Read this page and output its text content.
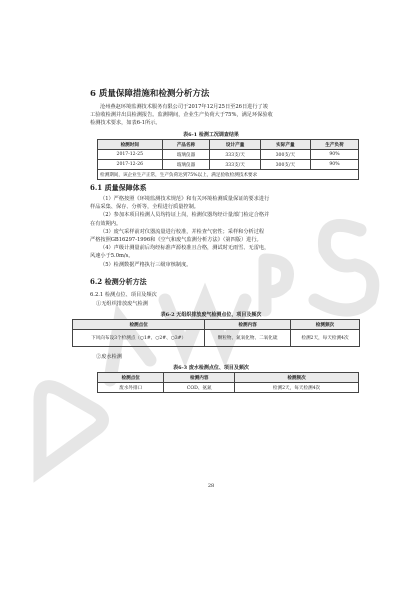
6 质量保障措施和检测分析方法
沧州燕赵环境监测技术服务有限公司于2017年12月25日至26日进行了竣
工验收检测并出具检测报告。监测期间，企业生产负荷大于75%，满足环保验收
检测技术要求，如表6-1所示。
表6-1 检测工况调查结果
检测时间	产品名称	设计产量	实际产量	生产负荷
2017-12-25	玻璃仪器	333支/天	300支/天	90%
2017-12-26	玻璃仪器	333支/天	300支/天	90%
检测期间，该企业生产正常，生产负荷达到75%以上，满足验收检测技术要求				
6.1 质量保障体系
（1）严格按照《环境监测技术规范》和有关环境检测质量保证的要求进行
样品采集、保存、分析等，全程进行质量控制。
（2）参加本项目检测人员均持证上岗，检测仪器均经计量部门检定合格并
在有效期内。
（3）废气采样前对仪器流量进行校准，并检查气密性；采样和分析过程
严格按照GB16297-1996和《空气和废气监测分析方法》（第四版）进行。
（4）声级计测量前后均经标准声源校准且合格，测试时无雨雪、无雷电，
风速小于5.0m/s。
（5）检测数据严格执行三级审核制度。
6.2 检测分析方法
6.2.1 检测点位、项目及频次
①无组织排放废气检测
表6-2 无组织排放废气检测点位、项目及频次
检测点位	检测内容	检测频次
下风向布设3个检测点（○1#、○2#、○3#）	颗粒物、氮氧化物、二氧化硫	检测2天，每天检测4次
②废水检测
表6-3 废水检测点位、项目及频次
检测点位	检测内容	检测频次
废水外排口	COD、氨氮	检测2天，每天检测4次
28
